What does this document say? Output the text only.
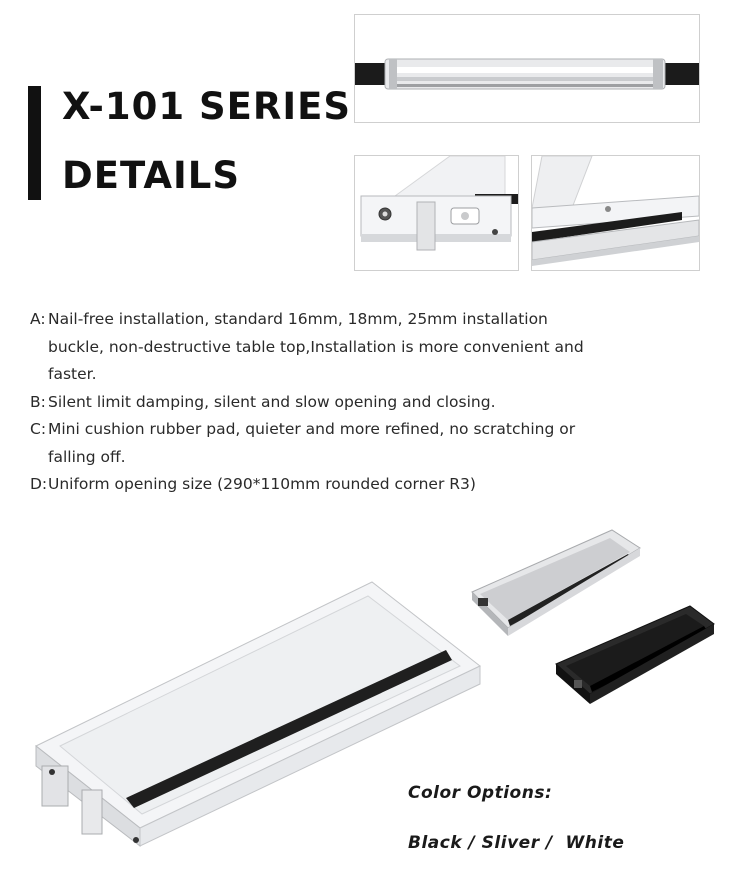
X-101 SERIES
DETAILS
A: Nail-free installation, standard 16mm, 18mm, 25mm installation buckle, non-destructive table top,Installation is more convenient and faster.
B: Silent limit damping, silent and slow opening and closing.
C: Mini cushion rubber pad, quieter and more refined, no scratching or falling off.
D: Uniform opening size (290*110mm rounded corner R3)
Color Options:
Black / Sliver /  White
